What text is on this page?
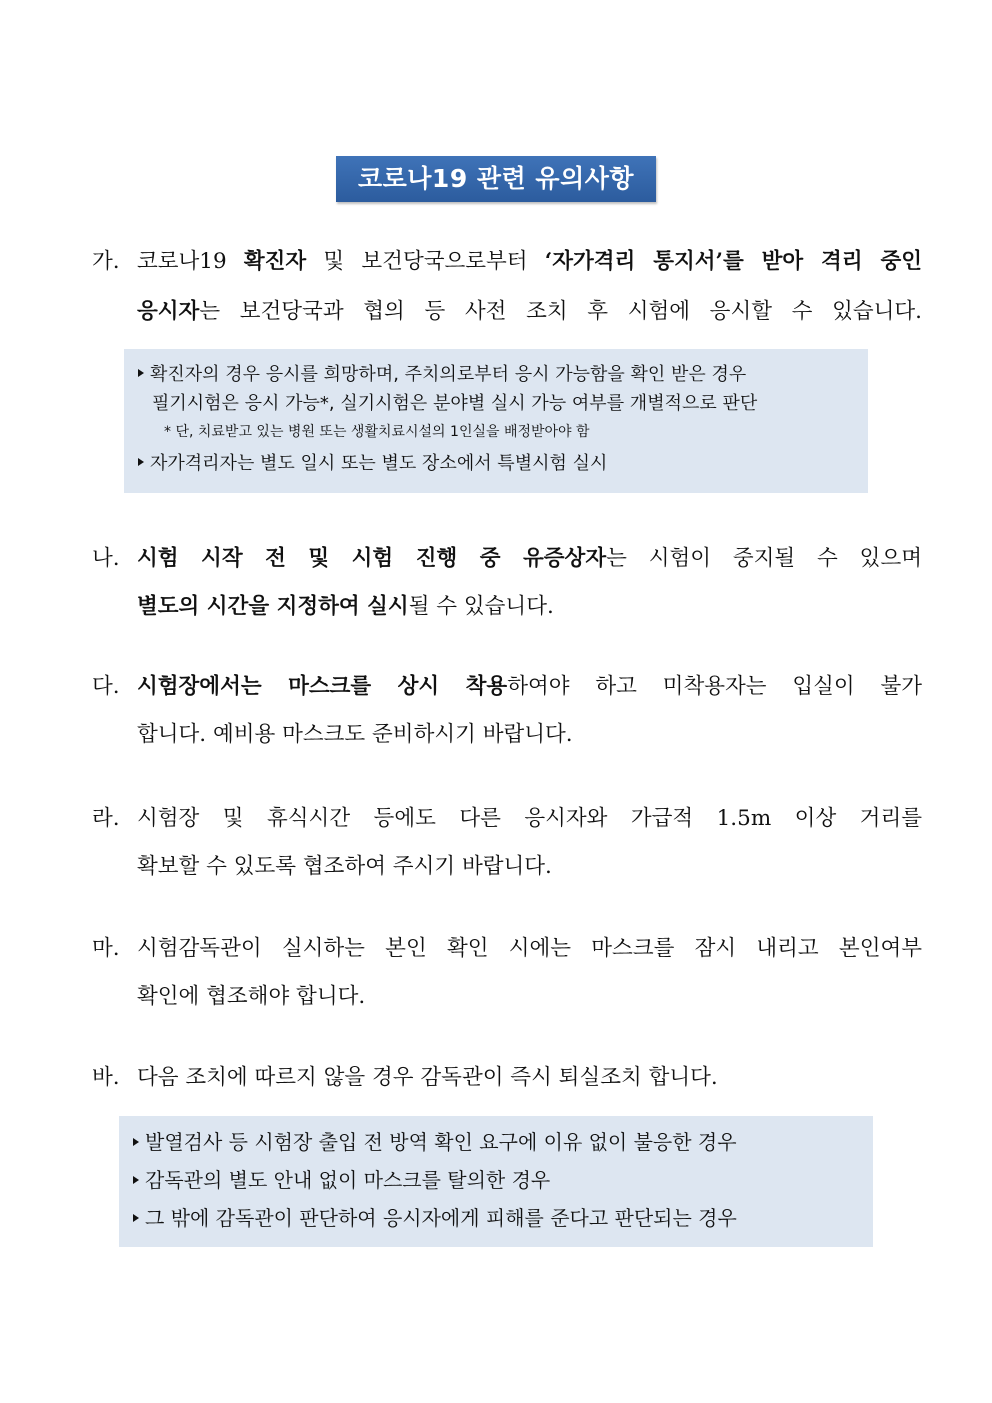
코로나19 관련 유의사항
가. 코로나19 확진자 및 보건당국으로부터 ‘자가격리 통지서’를 받아 격리 중인
응시자는 보건당국과 협의 등 사전 조치 후 시험에 응시할 수 있습니다.
확진자의 경우 응시를 희망하며, 주치의로부터 응시 가능함을 확인 받은 경우
필기시험은 응시 가능*, 실기시험은 분야별 실시 가능 여부를 개별적으로 판단
* 단, 치료받고 있는 병원 또는 생활치료시설의 1인실을 배정받아야 함
자가격리자는 별도 일시 또는 별도 장소에서 특별시험 실시
나. 시험 시작 전 및 시험 진행 중 유증상자는 시험이 중지될 수 있으며
별도의 시간을 지정하여 실시될 수 있습니다.
다. 시험장에서는 마스크를 상시 착용하여야 하고 미착용자는 입실이 불가
합니다. 예비용 마스크도 준비하시기 바랍니다.
라. 시험장 및 휴식시간 등에도 다른 응시자와 가급적 1.5m 이상 거리를
확보할 수 있도록 협조하여 주시기 바랍니다.
마. 시험감독관이 실시하는 본인 확인 시에는 마스크를 잠시 내리고 본인여부
확인에 협조해야 합니다.
바. 다음 조치에 따르지 않을 경우 감독관이 즉시 퇴실조치 합니다.
발열검사 등 시험장 출입 전 방역 확인 요구에 이유 없이 불응한 경우
감독관의 별도 안내 없이 마스크를 탈의한 경우
그 밖에 감독관이 판단하여 응시자에게 피해를 준다고 판단되는 경우
